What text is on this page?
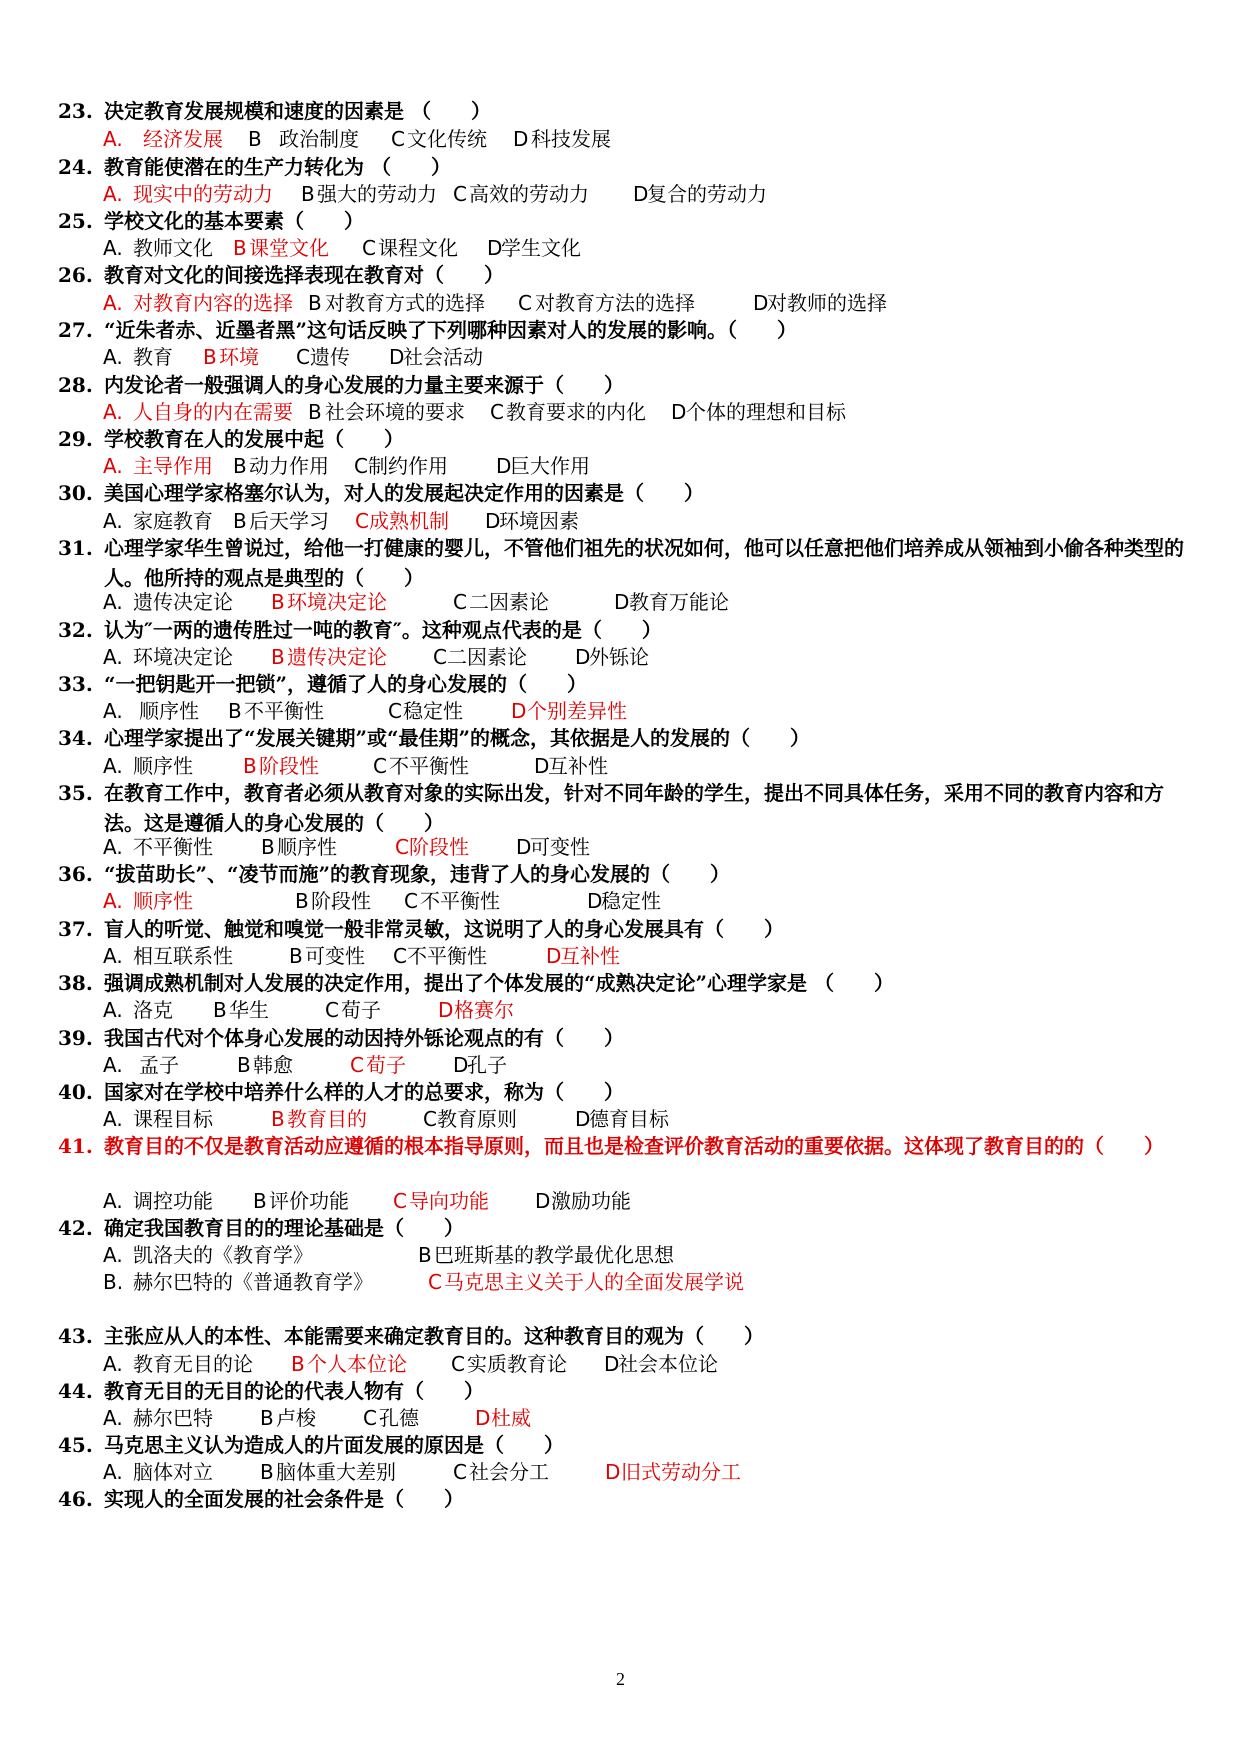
23. 决定教育发展规模和速度的因素是 （　　）
A. 经济发展 B 政治制度 C 文化传统 D 科技发展
24. 教育能使潜在的生产力转化为 （　　）
A. 现实中的劳动力 B 强大的劳动力 C 高效的劳动力 D
复合的劳动力
25. 学校文化的基本要素（　　）
A. 教师文化 B 课堂文化 C 课程文化 D
学生文化
26. 教育对文化的间接选择表现在教育对（　　）
A. 对教育内容的选择 B 对教育方式的选择 C 对教育方法的选择	D
对教师的选择
27. “近朱者赤、近墨者黑”这句话反映了下列哪种因素对人的发展的影响。（　　）
A. 教育 B 环境 C 遗传 D
社会活动
28. 内发论者一般强调人的身心发展的力量主要来源于（　　）
A. 人自身的内在需要 B 社会环境的要求 C 教育要求的内化 D 个体的理想和目标
29. 学校教育在人的发展中起（　　）
A. 主导作用 B 动力作用 C 制约作用 D
巨大作用
30. 美国心理学家格塞尔认为，对人的发展起决定作用的因素是（　　）
A. 家庭教育 B 后天学习 C 成熟机制 D
环境因素
31. 心理学家华生曾说过，给他一打健康的婴儿，不管他们祖先的状况如何，他可以任意把他们培养成从领袖到小偷各种类型的人。他所持的观点是典型的（　　）
A. 遗传决定论 B 环境决定论	C 二因素论	D 教育万能论
32. 认为″一两的遗传胜过一吨的教育″。这种观点代表的是（　　）
A. 环境决定论 B 遗传决定论 C 二因素论 D
外铄论
33. “一把钥匙开一把锁”，遵循了人的身心发展的（　　）
A. 顺序性 B 不平衡性	C 稳定性 D 个别差异性
34. 心理学家提出了“发展关键期”或“最佳期”的概念，其依据是人的发展的（　　）
A. 顺序性	B 阶段性	C 不平衡性	D
互补性
35. 在教育工作中，教育者必须从教育对象的实际出发，针对不同年龄的学生，提出不同具体任务，采用不同的教育内容和方法。这是遵循人的身心发展的（　　）
A. 不平衡性 B 顺序性	C 阶段性 D
可变性
36. “拔苗助长”、“凌节而施”的教育现象，违背了人的身心发展的（　　）
A. 顺序性	B 阶段性 C 不平衡性	D
稳定性
37. 盲人的听觉、触觉和嗅觉一般非常灵敏，这说明了人的身心发展具有（　　）
A. 相互联系性	B 可变性 C 不平衡性	D
互补性
38. 强调成熟机制对人发展的决定作用，提出了个体发展的“成熟决定论”心理学家是 （　　）
A. 洛克 B 华生	C 荀子	D 格赛尔
39. 我国古代对个体身心发展的动因持外铄论观点的有（　　）
A. 孟子	B 韩愈	C 荀子 D
孔子
40. 国家对在学校中培养什么样的人才的总要求，称为（　　）
A. 课程目标	B 教育目的	C 教育原则	D
德育目标
41. 教育目的不仅是教育活动应遵循的根本指导原则，而且也是检查评价教育活动的重要依据。这体现了教育目的的（　　）
A. 调控功能 B 评价功能 C 导向功能 D 激励功能
42. 确定我国教育目的的理论基础是（　　）
A. 凯洛夫的《教育学》	B 巴班斯基的教学最优化思想
B. 赫尔巴特的《普通教育学》	C 马克思主义关于人的全面发展学说
43. 主张应从人的本性、本能需要来确定教育目的。这种教育目的观为（　　）
A. 教育无目的论 B 个人本位论 C 实质教育论 D
社会本位论
44. 教育无目的无目的论的代表人物有（　　）
A. 赫尔巴特 B 卢梭 C 孔德	D 杜威
45. 马克思主义认为造成人的片面发展的原因是（　　）
A. 脑体对立 B 脑体重大差别	C 社会分工	D 旧式劳动分工
46. 实现人的全面发展的社会条件是（　　）
2
